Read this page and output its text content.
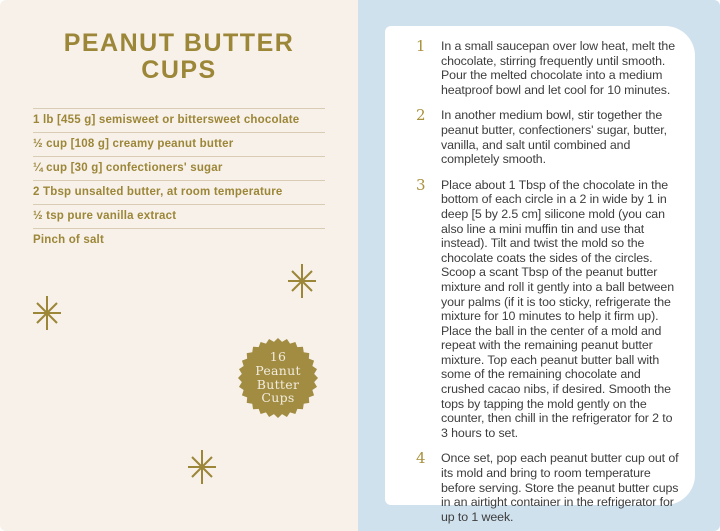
PEANUT BUTTER CUPS
1 lb [455 g] semisweet or bittersweet chocolate
½ cup [108 g] creamy peanut butter
¼ cup [30 g] confectioners' sugar
2 Tbsp unsalted butter, at room temperature
½ tsp pure vanilla extract
Pinch of salt
16
Peanut
Butter
Cups
1	In a small saucepan over low heat, melt the chocolate, stirring frequently until smooth. Pour the melted chocolate into a medium heatproof bowl and let cool for 10 minutes.

2	In another medium bowl, stir together the peanut butter, confectioners' sugar, butter, vanilla, and salt until combined and completely smooth.

3	Place about 1 Tbsp of the chocolate in the bottom of each circle in a 2 in wide by 1 in deep [5 by 2.5 cm] silicone mold (you can also line a mini muffin tin and use that instead). Tilt and twist the mold so the chocolate coats the sides of the circles. Scoop a scant Tbsp of the peanut butter mixture and roll it gently into a ball between your palms (if it is too sticky, refrigerate the mixture for 10 minutes to help it firm up). Place the ball in the center of a mold and repeat with the remaining peanut butter mixture. Top each peanut butter ball with some of the remaining chocolate and crushed cacao nibs, if desired. Smooth the tops by tapping the mold gently on the counter, then chill in the refrigerator for 2 to 3 hours to set.

4	Once set, pop each peanut butter cup out of its mold and bring to room temperature before serving. Store the peanut butter cups in an airtight container in the refrigerator for up to 1 week.
